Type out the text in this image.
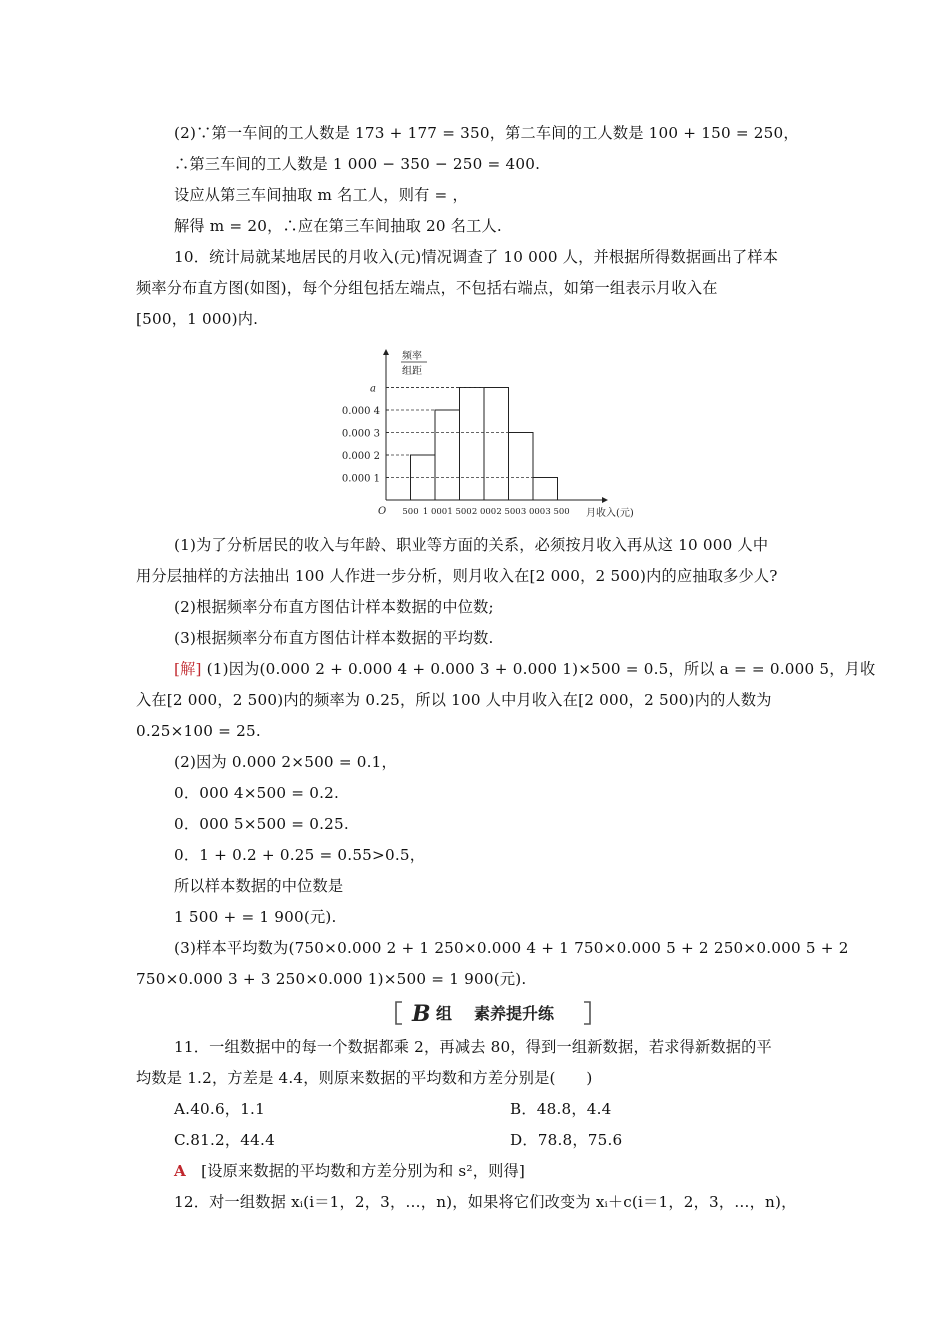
(2)∵第一车间的工人数是 173 + 177 = 350，第二车间的工人数是 100 + 150 = 250，
∴第三车间的工人数是 1 000 − 350 − 250 = 400.
设应从第三车间抽取 m 名工人，则有 = ，
解得 m = 20，∴应在第三车间抽取 20 名工人.
10．统计局就某地居民的月收入(元)情况调查了 10 000 人，并根据所得数据画出了样本
频率分布直方图(如图)，每个分组包括左端点，不包括右端点，如第一组表示月收入在
[500，1 000)内.
0.000 1
0.000 2
0.000 3
0.000 4
a
500 1 000 1 500 2 000 2 500 3 000 3 500
O	月收入(元)
频率
组距
(1)为了分析居民的收入与年龄、职业等方面的关系，必须按月收入再从这 10 000 人中
用分层抽样的方法抽出 100 人作进一步分析，则月收入在[2 000，2 500)内的应抽取多少人?
(2)根据频率分布直方图估计样本数据的中位数;
(3)根据频率分布直方图估计样本数据的平均数.
[解] (1)因为(0.000 2 + 0.000 4 + 0.000 3 + 0.000 1)×500 = 0.5，所以 a = = 0.000 5，月收
入在[2 000，2 500)内的频率为 0.25，所以 100 人中月收入在[2 000，2 500)内的人数为
0.25×100 = 25.
(2)因为 0.000 2×500 = 0.1，
0．000 4×500 = 0.2.
0．000 5×500 = 0.25.
0．1 + 0.2 + 0.25 = 0.55>0.5，
所以样本数据的中位数是
1 500 + = 1 900(元).
(3)样本平均数为(750×0.000 2 + 1 250×0.000 4 + 1 750×0.000 5 + 2 250×0.000 5 + 2
750×0.000 3 + 3 250×0.000 1)×500 = 1 900(元).
B 组 素养提升练
11．一组数据中的每一个数据都乘 2，再减去 80，得到一组新数据，若求得新数据的平
均数是 1.2，方差是 4.4，则原来数据的平均数和方差分别是(　　)
A.40.6，1.1	B．48.8，4.4
C.81.2，44.4	D．78.8，75.6
A [设原来数据的平均数和方差分别为和 s²，则得]
12．对一组数据 xᵢ(i＝1，2，3，…，n)，如果将它们改变为 xᵢ＋c(i＝1，2，3，…，n)，
